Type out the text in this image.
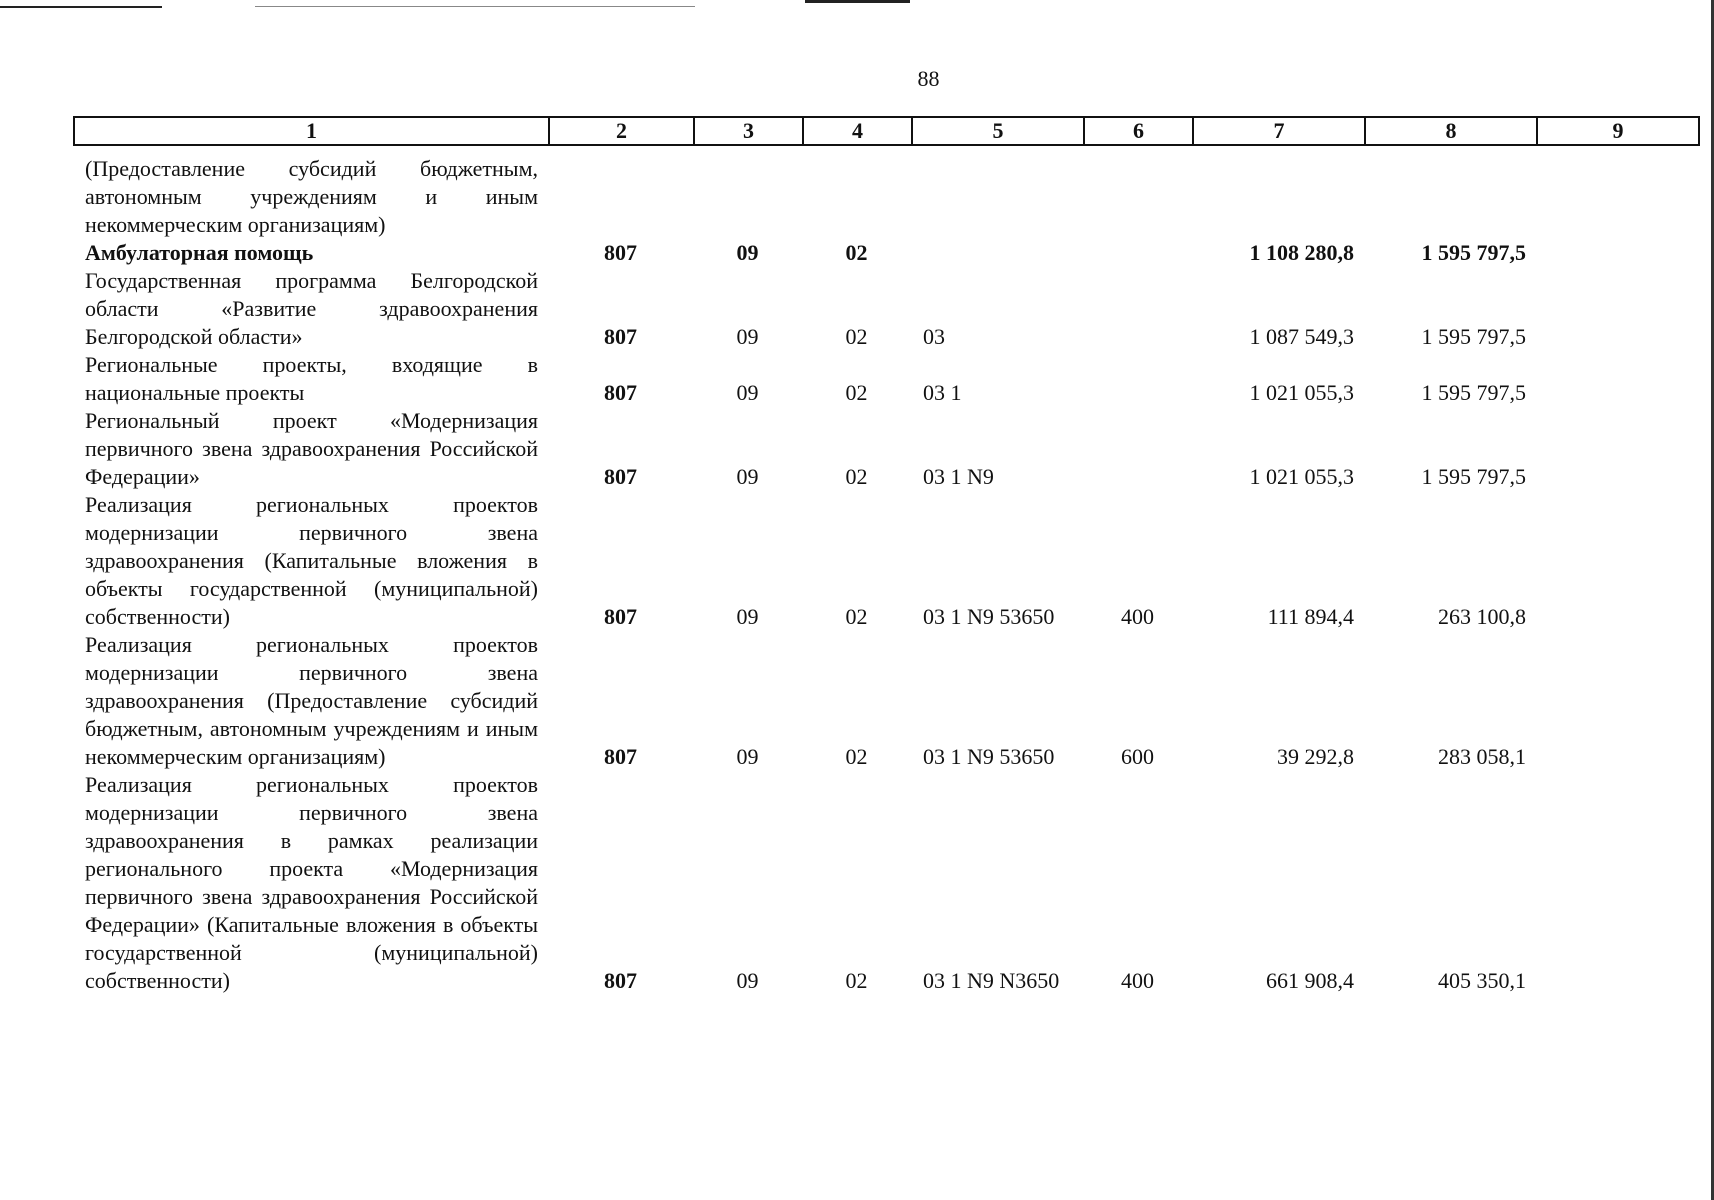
88
1	2	3	4	5	6	7	8	9
(Предоставление субсидий бюджетным, автономным учреждениям и иным некоммерческим организациям)								
Амбулаторная помощь	807	09	02			1 108 280,8	1 595 797,5	
Государственная программа Белгородской области «Развитие здравоохранения Белгородской области»	807	09	02	03		1 087 549,3	1 595 797,5	
Региональные проекты, входящие в национальные проекты	807	09	02	03 1		1 021 055,3	1 595 797,5	
Региональный проект «Модернизация первичного звена здравоохранения Российской Федерации»	807	09	02	03 1 N9		1 021 055,3	1 595 797,5	
Реализация региональных проектов модернизации первичного звена здравоохранения (Капитальные вложения в объекты государственной (муниципальной) собственности)	807	09	02	03 1 N9 53650	400	111 894,4	263 100,8	
Реализация региональных проектов модернизации первичного звена здравоохранения (Предоставление субсидий бюджетным, автономным учреждениям и иным некоммерческим организациям)	807	09	02	03 1 N9 53650	600	39 292,8	283 058,1	
Реализация региональных проектов модернизации первичного звена здравоохранения в рамках реализации регионального проекта «Модернизация первичного звена здравоохранения Российской Федерации» (Капитальные вложения в объекты государственной (муниципальной) собственности)	807	09	02	03 1 N9 N3650	400	661 908,4	405 350,1	
